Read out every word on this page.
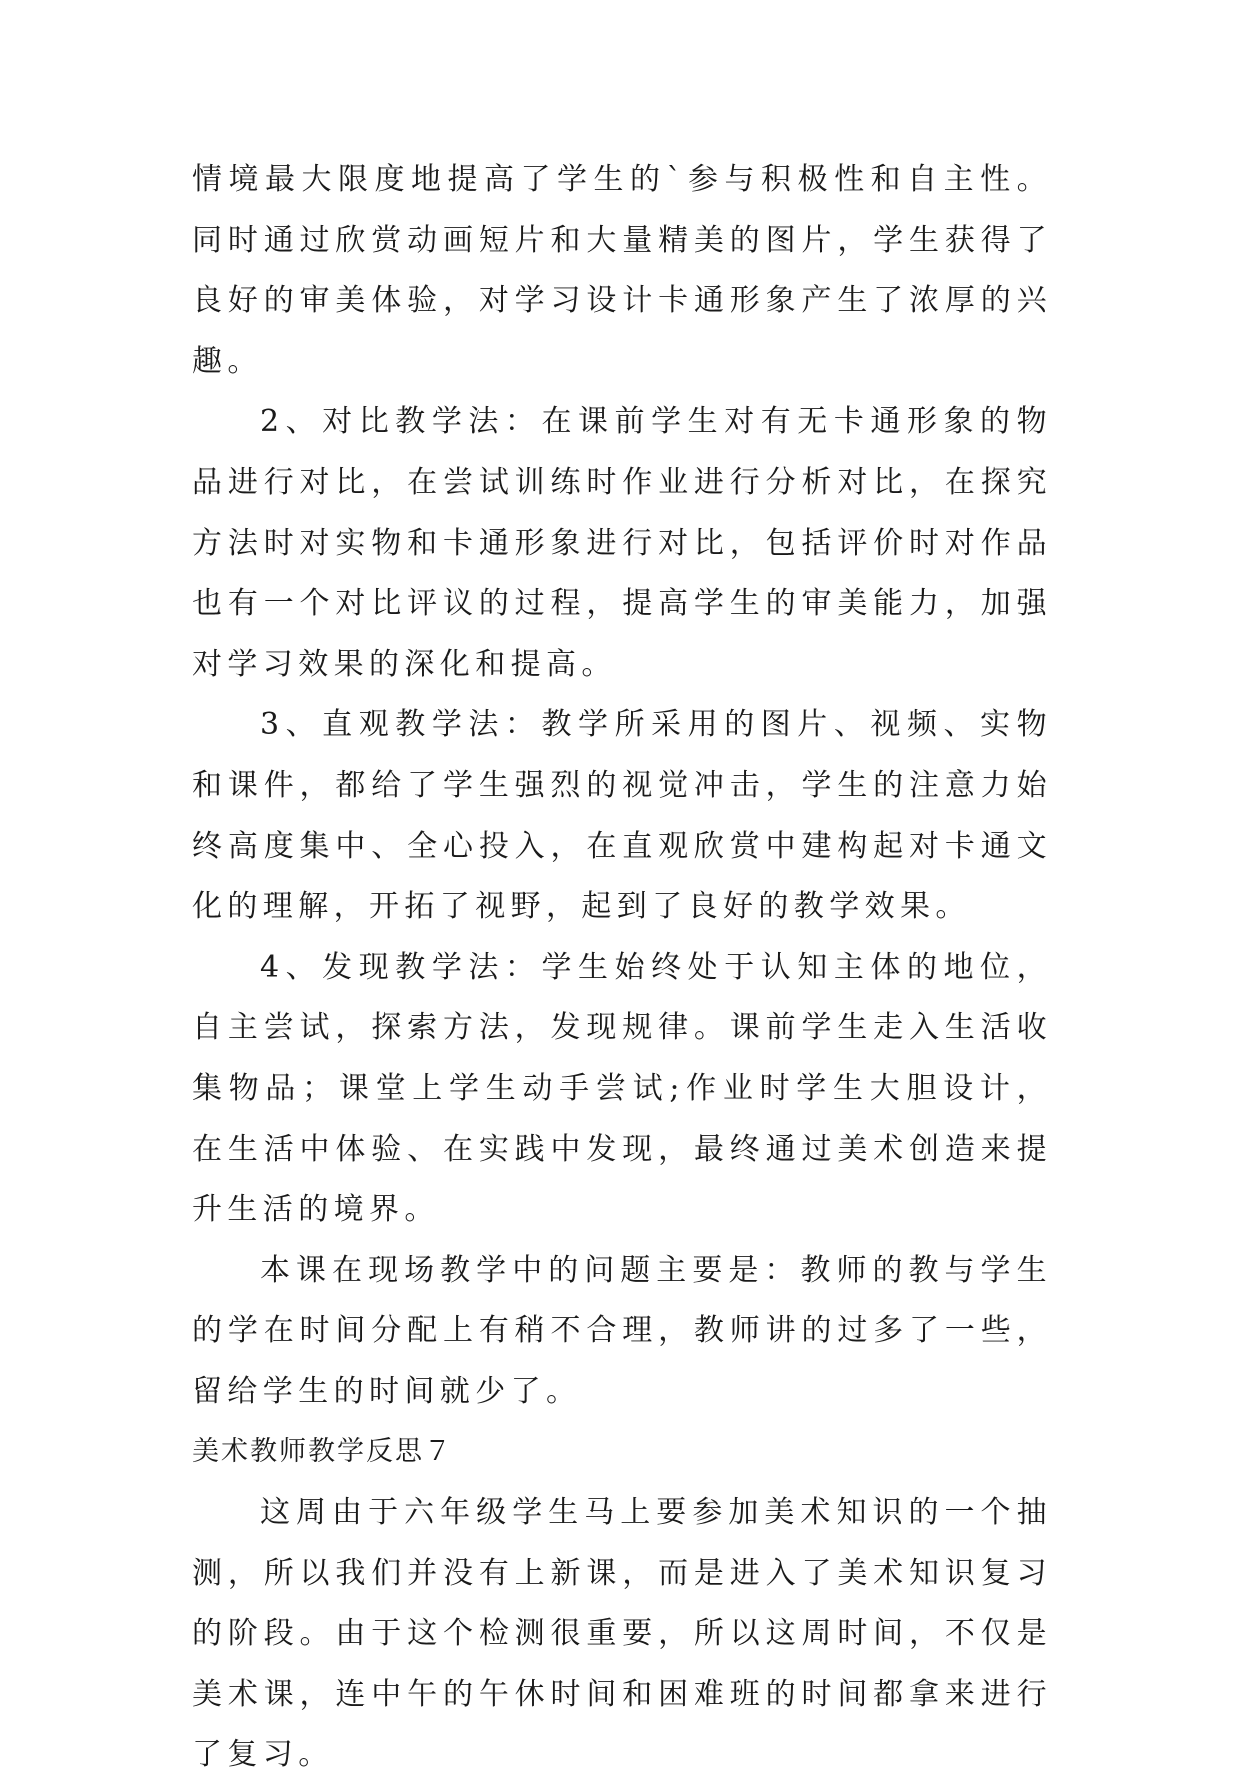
情境最大限度地提高了学生的`参与积极性和自主性。同时通过欣赏动画短片和大量精美的图片，学生获得了良好的审美体验，对学习设计卡通形象产生了浓厚的兴趣。

2、对比教学法：在课前学生对有无卡通形象的物品进行对比，在尝试训练时作业进行分析对比，在探究方法时对实物和卡通形象进行对比，包括评价时对作品也有一个对比评议的过程，提高学生的审美能力，加强对学习效果的深化和提高。

3、直观教学法：教学所采用的图片、视频、实物和课件，都给了学生强烈的视觉冲击，学生的注意力始终高度集中、全心投入，在直观欣赏中建构起对卡通文化的理解，开拓了视野，起到了良好的教学效果。

4、发现教学法：学生始终处于认知主体的地位，自主尝试，探索方法，发现规律。课前学生走入生活收集物品；课堂上学生动手尝试;作业时学生大胆设计，在生活中体验、在实践中发现，最终通过美术创造来提升生活的境界。

本课在现场教学中的问题主要是：教师的教与学生的学在时间分配上有稍不合理，教师讲的过多了一些，留给学生的时间就少了。

美术教师教学反思７

这周由于六年级学生马上要参加美术知识的一个抽测，所以我们并没有上新课，而是进入了美术知识复习的阶段。由于这个检测很重要，所以这周时间，不仅是美术课，连中午的午休时间和困难班的时间都拿来进行了复习。
